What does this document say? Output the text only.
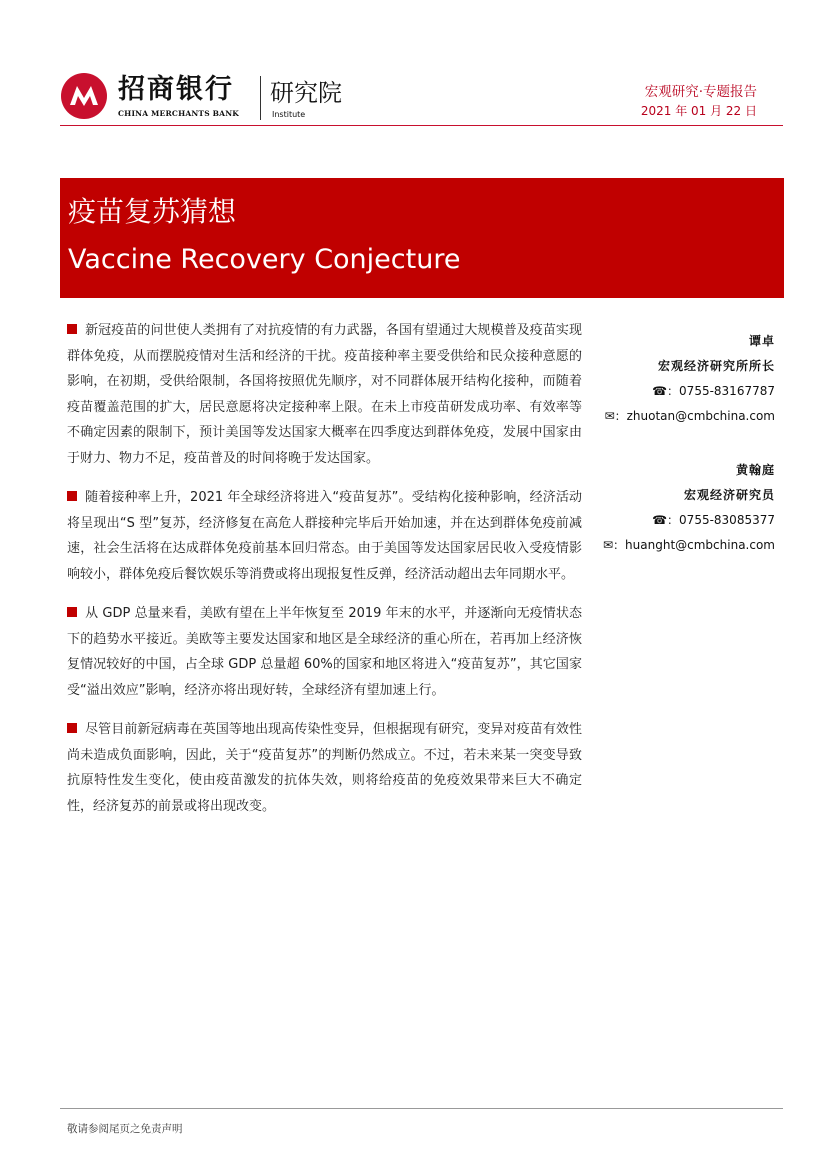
招商银行
CHINA MERCHANTS BANK
研究院
Institute
宏观研究·专题报告
2021 年 01 月 22 日
疫苗复苏猜想
Vaccine Recovery Conjecture

新冠疫苗的问世使人类拥有了对抗疫情的有力武器，各国有望通过大规模普及疫苗实现群体免疫，从而摆脱疫情对生活和经济的干扰。疫苗接种率主要受供给和民众接种意愿的影响，在初期，受供给限制，各国将按照优先顺序，对不同群体展开结构化接种，而随着疫苗覆盖范围的扩大，居民意愿将决定接种率上限。在未上市疫苗研发成功率、有效率等不确定因素的限制下，预计美国等发达国家大概率在四季度达到群体免疫，发展中国家由于财力、物力不足，疫苗普及的时间将晚于发达国家。

随着接种率上升，2021 年全球经济将进入“疫苗复苏”。受结构化接种影响，经济活动将呈现出“S 型”复苏，经济修复在高危人群接种完毕后开始加速，并在达到群体免疫前减速，社会生活将在达成群体免疫前基本回归常态。由于美国等发达国家居民收入受疫情影响较小，群体免疫后餐饮娱乐等消费或将出现报复性反弹，经济活动超出去年同期水平。

从 GDP 总量来看，美欧有望在上半年恢复至 2019 年末的水平，并逐渐向无疫情状态下的趋势水平接近。美欧等主要发达国家和地区是全球经济的重心所在，若再加上经济恢复情况较好的中国，占全球 GDP 总量超 60%的国家和地区将进入“疫苗复苏”，其它国家受“溢出效应”影响，经济亦将出现好转，全球经济有望加速上行。

尽管目前新冠病毒在英国等地出现高传染性变异，但根据现有研究，变异对疫苗有效性尚未造成负面影响，因此，关于“疫苗复苏”的判断仍然成立。不过，若未来某一突变导致抗原特性发生变化，使由疫苗激发的抗体失效，则将给疫苗的免疫效果带来巨大不确定性，经济复苏的前景或将出现改变。

谭卓
宏观经济研究所所长
☎：0755-83167787
✉：zhuotan@cmbchina.com
黄翰庭
宏观经济研究员
☎：0755-83085377
✉：huanght@cmbchina.com
敬请参阅尾页之免责声明
